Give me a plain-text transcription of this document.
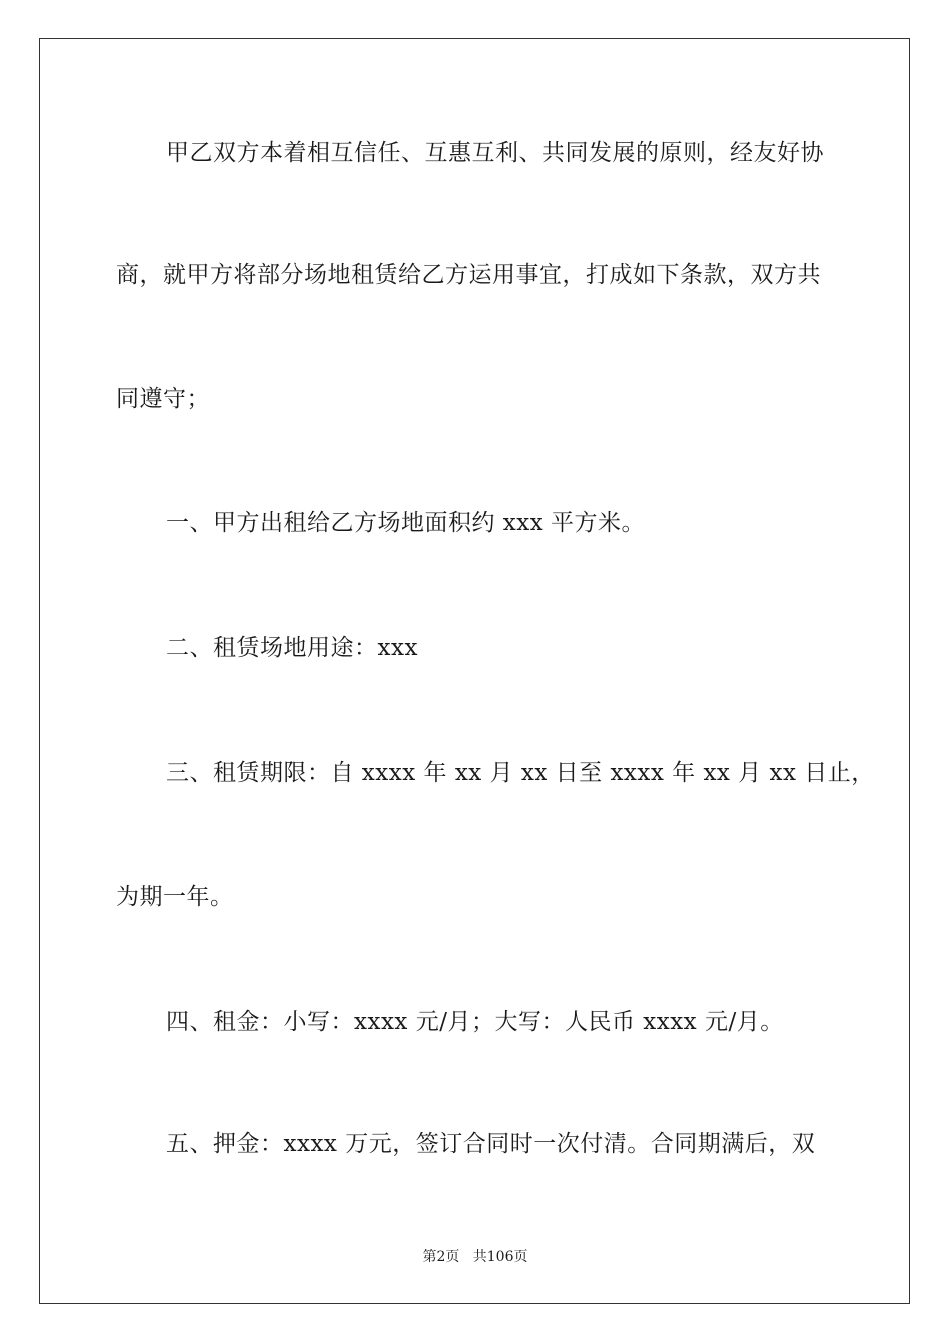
甲乙双方本着相互信任、互惠互利、共同发展的原则，经友好协
商，就甲方将部分场地租赁给乙方运用事宜，打成如下条款，双方共
同遵守；
一、甲方出租给乙方场地面积约 xxx 平方米。
二、租赁场地用途：xxx
三、租赁期限：自 xxxx 年 xx 月 xx 日至 xxxx 年 xx 月 xx 日止，
为期一年。
四、租金：小写：xxxx 元/月；大写：人民币 xxxx 元/月。
五、押金：xxxx 万元，签订合同时一次付清。合同期满后，双
第2页   共106页
